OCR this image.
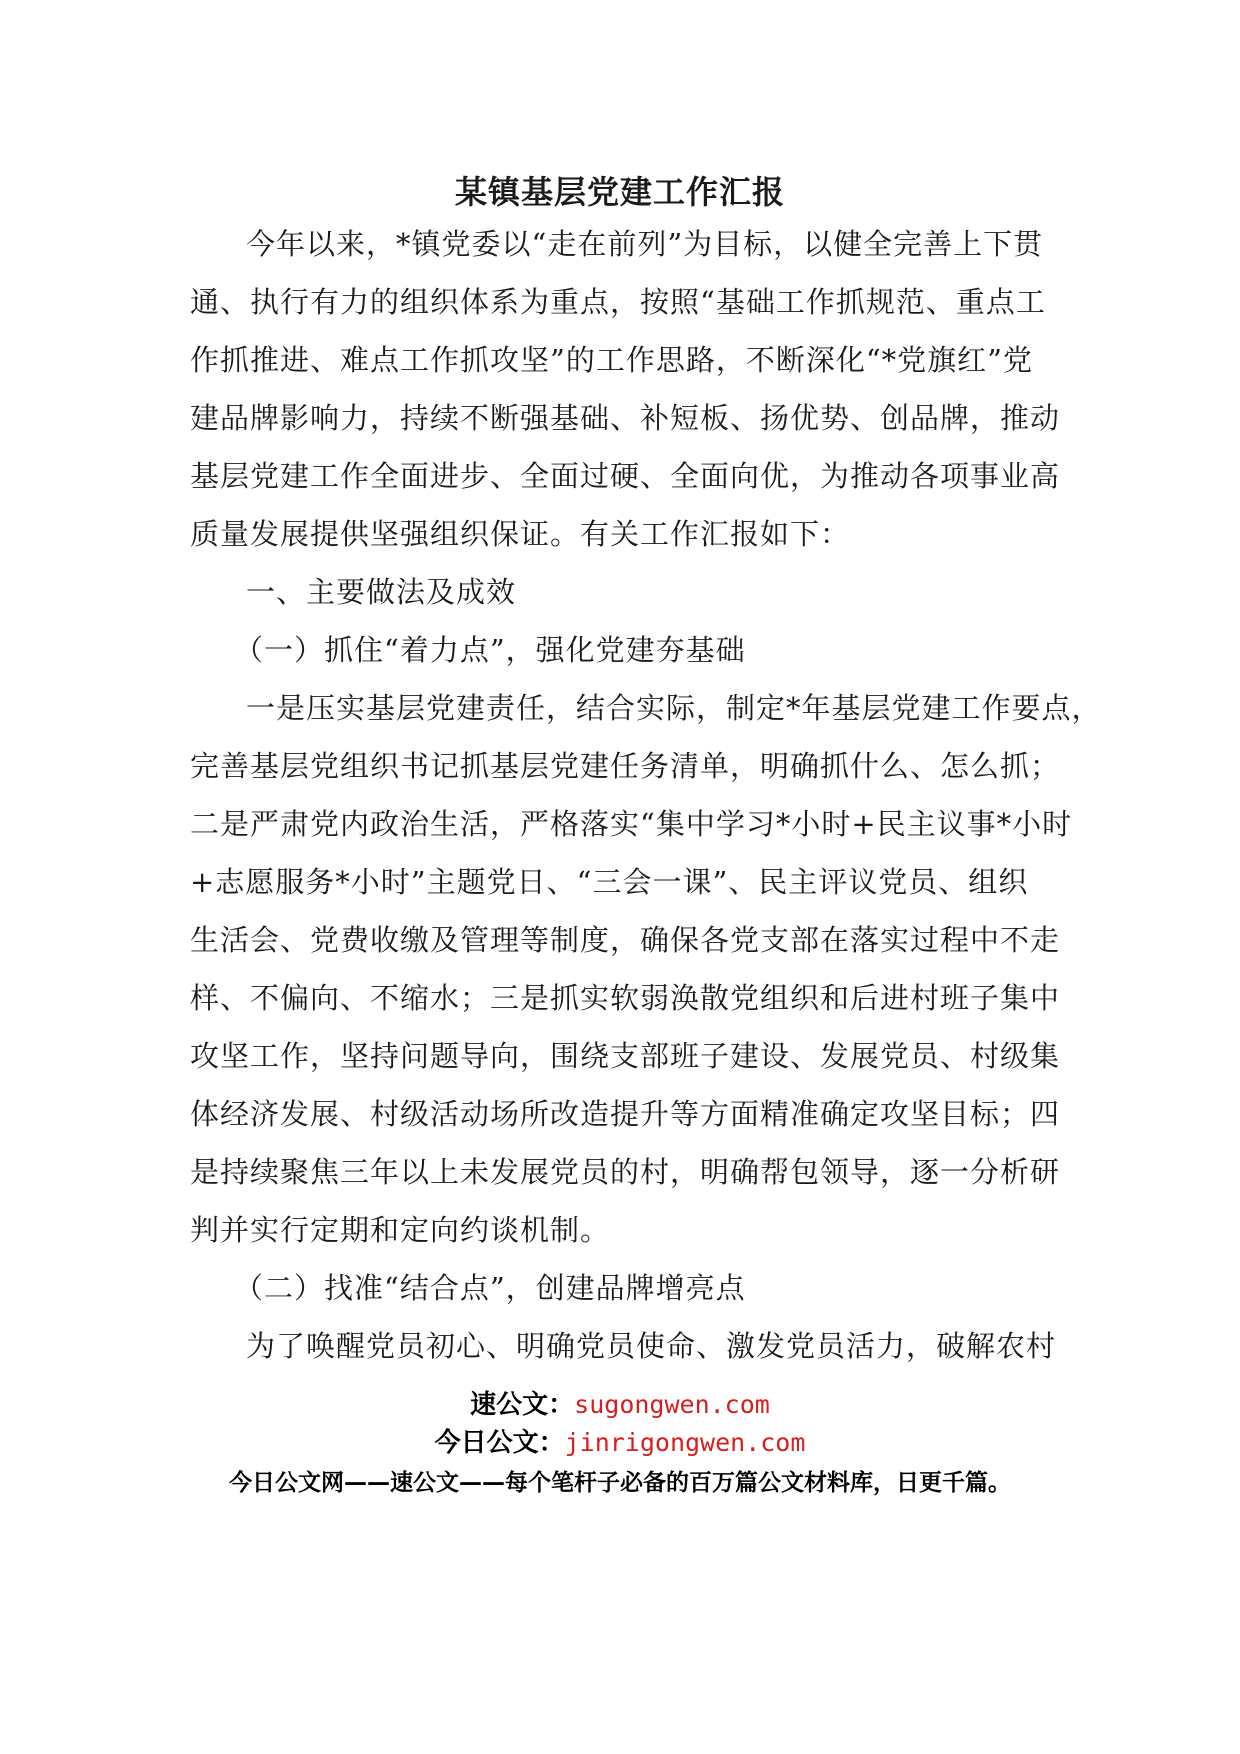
某镇基层党建工作汇报
今年以来，*镇党委以“走在前列”为目标，以健全完善上下贯
通、执行有力的组织体系为重点，按照“基础工作抓规范、重点工
作抓推进、难点工作抓攻坚”的工作思路，不断深化“*党旗红”党
建品牌影响力，持续不断强基础、补短板、扬优势、创品牌，推动
基层党建工作全面进步、全面过硬、全面向优，为推动各项事业高
质量发展提供坚强组织保证。有关工作汇报如下：
一、主要做法及成效
（一）抓住“着力点”，强化党建夯基础
一是压实基层党建责任，结合实际，制定*年基层党建工作要点，
完善基层党组织书记抓基层党建任务清单，明确抓什么、怎么抓；
二是严肃党内政治生活，严格落实“集中学习*小时+民主议事*小时
+志愿服务*小时”主题党日、“三会一课”、民主评议党员、组织
生活会、党费收缴及管理等制度，确保各党支部在落实过程中不走
样、不偏向、不缩水；三是抓实软弱涣散党组织和后进村班子集中
攻坚工作，坚持问题导向，围绕支部班子建设、发展党员、村级集
体经济发展、村级活动场所改造提升等方面精准确定攻坚目标；四
是持续聚焦三年以上未发展党员的村，明确帮包领导，逐一分析研
判并实行定期和定向约谈机制。
（二）找准“结合点”，创建品牌增亮点
为了唤醒党员初心、明确党员使命、激发党员活力，破解农村
速公文：sugongwen.com
今日公文：jinrigongwen.com
今日公文网——速公文——每个笔杆子必备的百万篇公文材料库，日更千篇。
